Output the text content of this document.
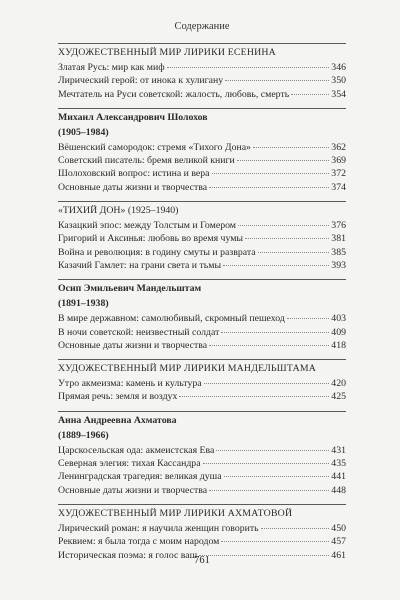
Содержание
ХУДОЖЕСТВЕННЫЙ МИР ЛИРИКИ ЕСЕНИНА
Златая Русь: мир как миф	346
Лирический герой: от инока к хулигану	350
Мечтатель на Руси советской: жалость, любовь, смерть	354
Михаил Александрович Шолохов
(1905–1984)
Вёшенский самородок: стремя «Тихого Дона»	362
Советский писатель: бремя великой книги	369
Шолоховский вопрос: истина и вера	372
Основные даты жизни и творчества	374
«ТИХИЙ ДОН» (1925–1940)
Казацкий эпос: между Толстым и Гомером	376
Григорий и Аксинья: любовь во время чумы	381
Война и революция: в годину смуты и разврата	385
Казачий Гамлет: на грани света и тьмы	393
Осип Эмильевич Мандельштам
(1891–1938)
В мире державном: самолюбивый, скромный пешеход	403
В ночи советской: неизвестный солдат	409
Основные даты жизни и творчества	418
ХУДОЖЕСТВЕННЫЙ МИР ЛИРИКИ МАНДЕЛЬШТАМА
Утро акмеизма: камень и культура	420
Прямая речь: земля и воздух	425
Анна Андреевна Ахматова
(1889–1966)
Царскосельская ода: акмеистская Ева	431
Северная элегия: тихая Кассандра	435
Ленинградская трагедия: великая душа	441
Основные даты жизни и творчества	448
ХУДОЖЕСТВЕННЫЙ МИР ЛИРИКИ АХМАТОВОЙ
Лирический роман: я научила женщин говорить	450
Реквием: я была тогда с моим народом	457
Историческая поэма: я голос ваш	461
761
